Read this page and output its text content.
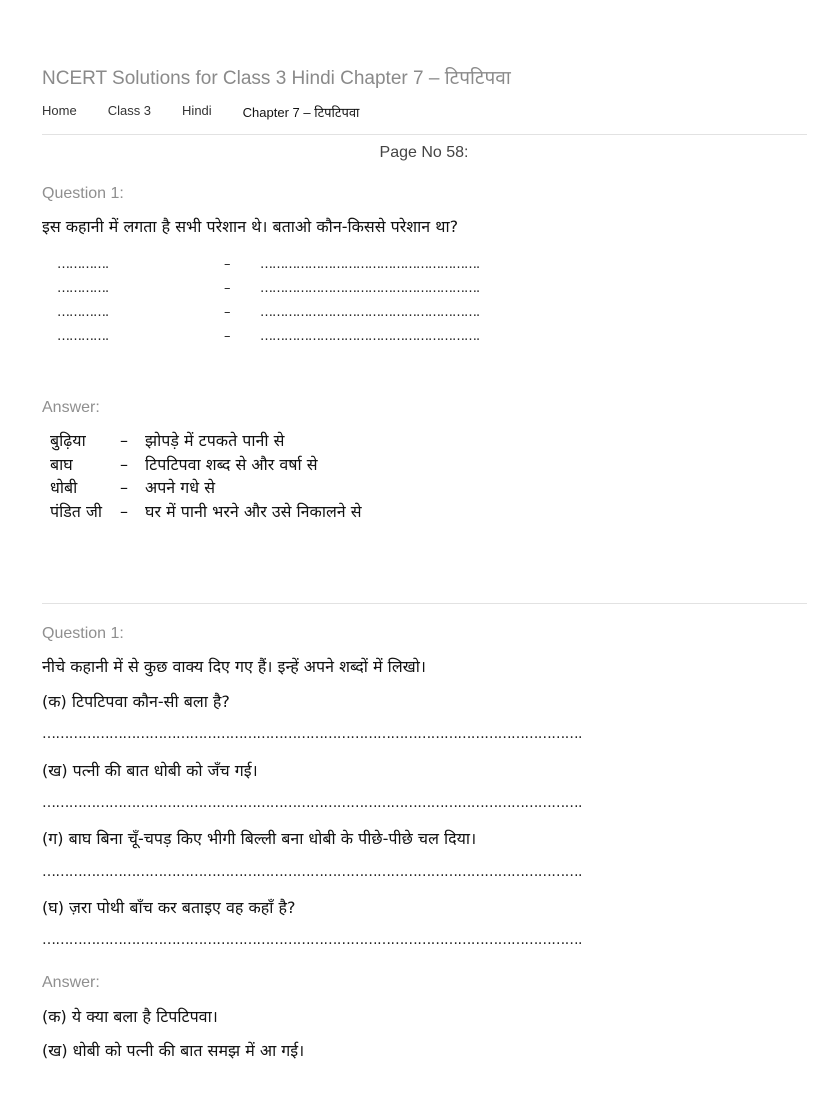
NCERT Solutions for Class 3 Hindi Chapter 7 – टिपटिपवा
Home Class 3 Hindi Chapter 7 – टिपटिपवा
Page No 58:
Question 1:
इस कहानी में लगता है सभी परेशान थे। बताओ कौन-किससे परेशान था?
………….	–	……………………………………………….
………….	–	……………………………………………….
………….	–	……………………………………………….
………….	–	……………………………………………….
Answer:
बुढ़िया	–	झोपड़े में टपकते पानी से
बाघ	–	टिपटिपवा शब्द से और वर्षा से
धोबी	–	अपने गधे से
पंडित जी –	घर में पानी भरने और उसे निकालने से
Question 1:
नीचे कहानी में से कुछ वाक्य दिए गए हैं। इन्हें अपने शब्दों में लिखो।
(क) टिपटिपवा कौन-सी बला है?
………………………………………………………………………………………………………….
(ख) पत्नी की बात धोबी को जँच गई।
………………………………………………………………………………………………………….
(ग) बाघ बिना चूँ-चपड़ किए भीगी बिल्ली बना धोबी के पीछे-पीछे चल दिया।
………………………………………………………………………………………………………….
(घ) ज़रा पोथी बाँच कर बताइए वह कहाँ है?
………………………………………………………………………………………………………….
Answer:
(क) ये क्या बला है टिपटिपवा।
(ख) धोबी को पत्नी की बात समझ में आ गई।
